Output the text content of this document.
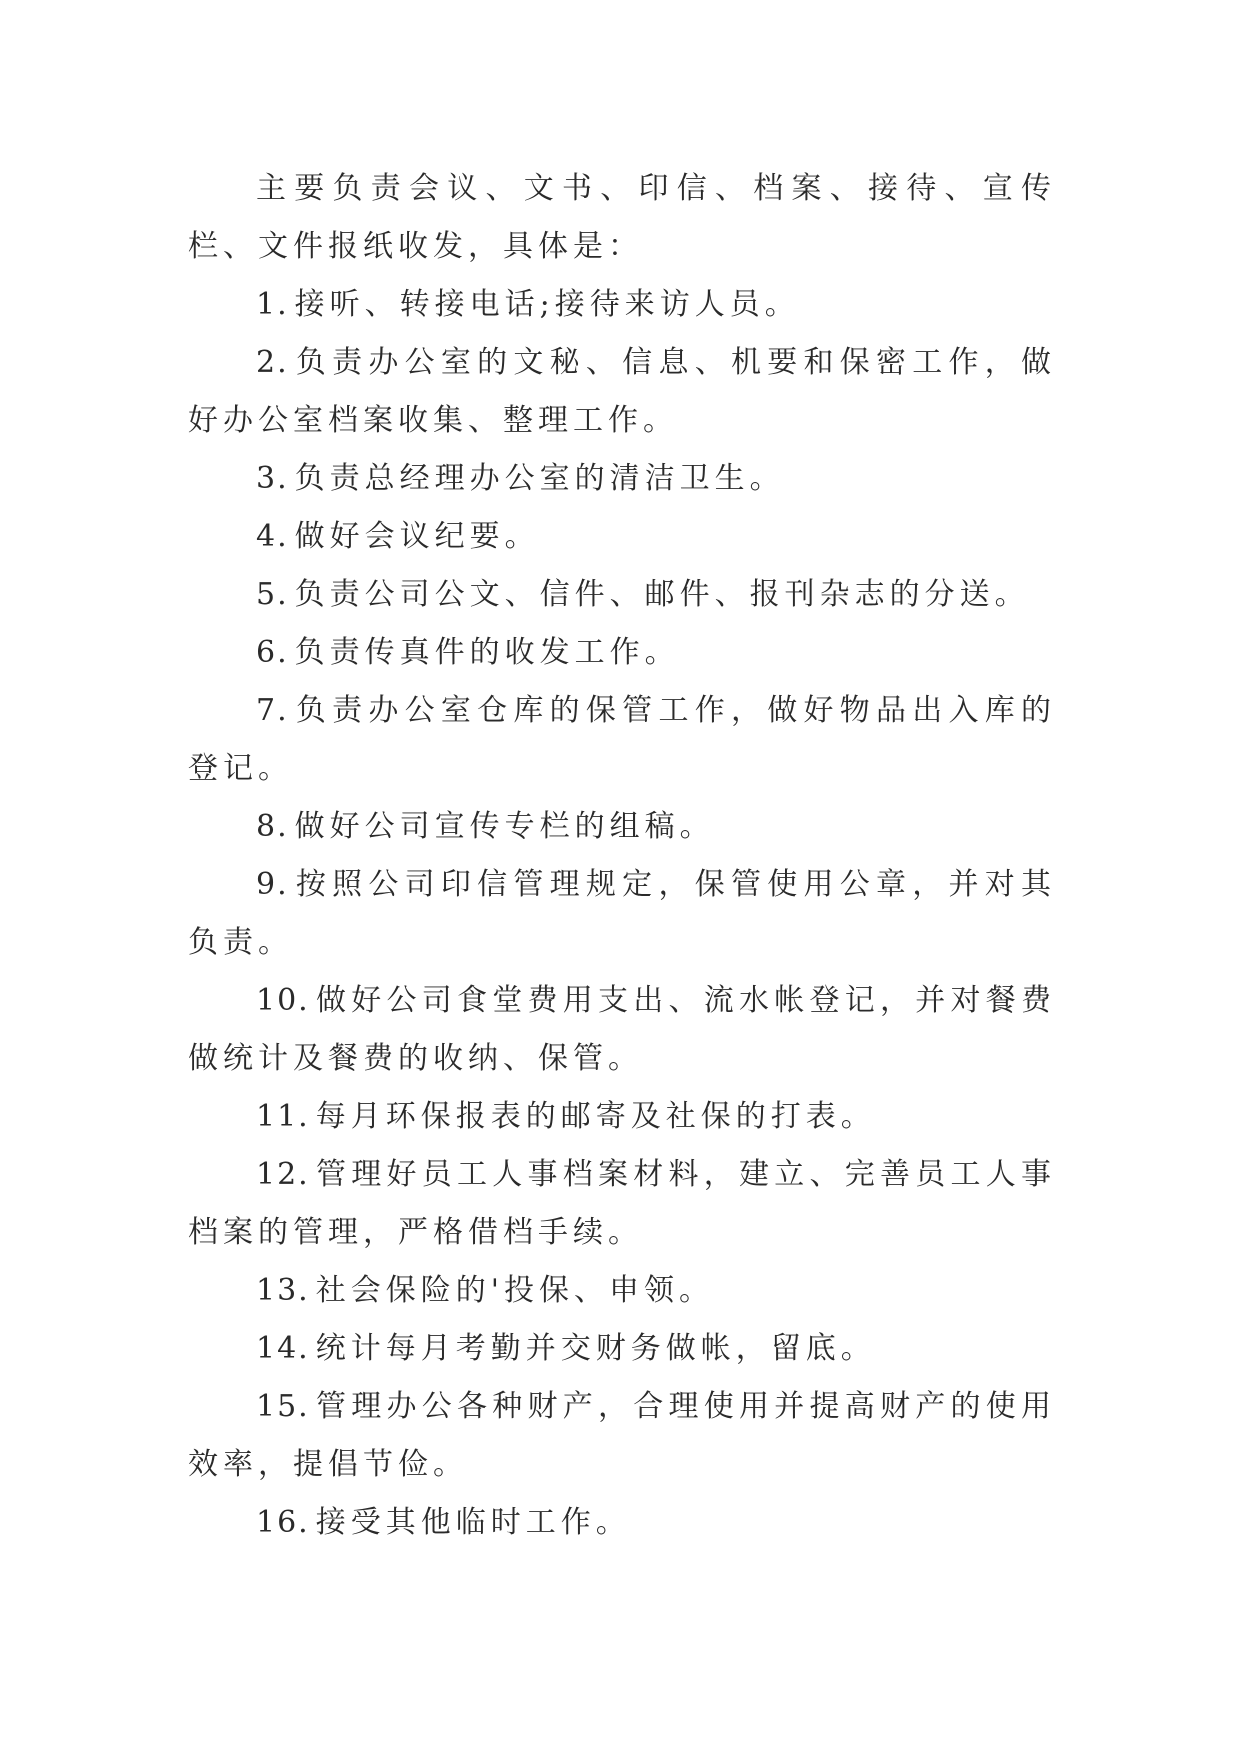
主要负责会议、文书、印信、档案、接待、宣传栏、文件报纸收发，具体是：

1. 接听、转接电话;接待来访人员。

2. 负责办公室的文秘、信息、机要和保密工作，做好办公室档案收集、整理工作。

3. 负责总经理办公室的清洁卫生。

4. 做好会议纪要。

5. 负责公司公文、信件、邮件、报刊杂志的分送。

6. 负责传真件的收发工作。

7. 负责办公室仓库的保管工作，做好物品出入库的登记。

8. 做好公司宣传专栏的组稿。

9. 按照公司印信管理规定，保管使用公章，并对其负责。

10. 做好公司食堂费用支出、流水帐登记，并对餐费做统计及餐费的收纳、保管。

11. 每月环保报表的邮寄及社保的打表。

12. 管理好员工人事档案材料，建立、完善员工人事档案的管理，严格借档手续。

13. 社会保险的'投保、申领。

14. 统计每月考勤并交财务做帐，留底。

15. 管理办公各种财产，合理使用并提高财产的使用效率，提倡节俭。

16. 接受其他临时工作。
